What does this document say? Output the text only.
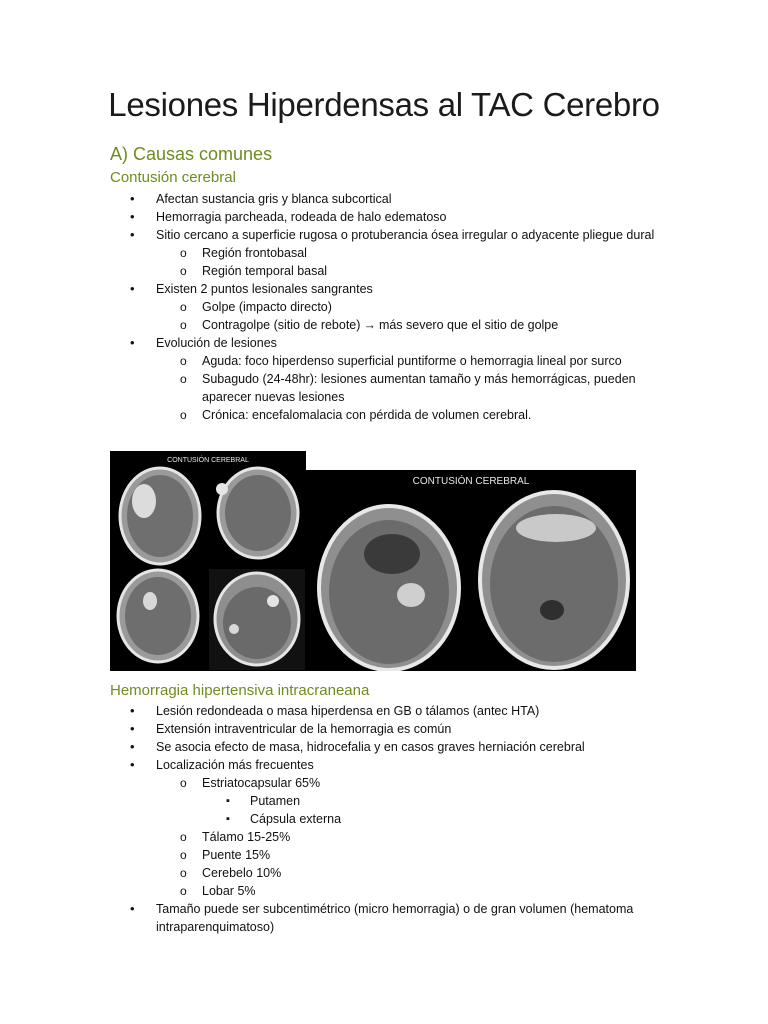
Lesiones Hiperdensas al TAC Cerebro
A) Causas comunes
Contusión cerebral
• Afectan sustancia gris y blanca subcortical
• Hemorragia parcheada, rodeada de halo edematoso
• Sitio cercano a superficie rugosa o protuberancia ósea irregular o adyacente pliegue dural
o Región frontobasal
o Región temporal basal
• Existen 2 puntos lesionales sangrantes
o Golpe (impacto directo)
o Contragolpe (sitio de rebote) → más severo que el sitio de golpe
• Evolución de lesiones
o Aguda: foco hiperdenso superficial puntiforme o hemorragia lineal por surco
o Subagudo (24-48hr): lesiones aumentan tamaño y más hemorrágicas, pueden aparecer nuevas lesiones
o Crónica: encefalomalacia con pérdida de volumen cerebral.
CONTUSIÓN CEREBRAL
CONTUSIÓN CEREBRAL
Hemorragia hipertensiva intracraneana
• Lesión redondeada o masa hiperdensa en GB o tálamos (antec HTA)
• Extensión intraventricular de la hemorragia es común
• Se asocia efecto de masa, hidrocefalia y en casos graves herniación cerebral
• Localización más frecuentes
o Estriatocapsular 65%
▪ Putamen
▪ Cápsula externa
o Tálamo 15-25%
o Puente 15%
o Cerebelo 10%
o Lobar 5%
• Tamaño puede ser subcentimétrico (micro hemorragia) o de gran volumen (hematoma intraparenquimatoso)
